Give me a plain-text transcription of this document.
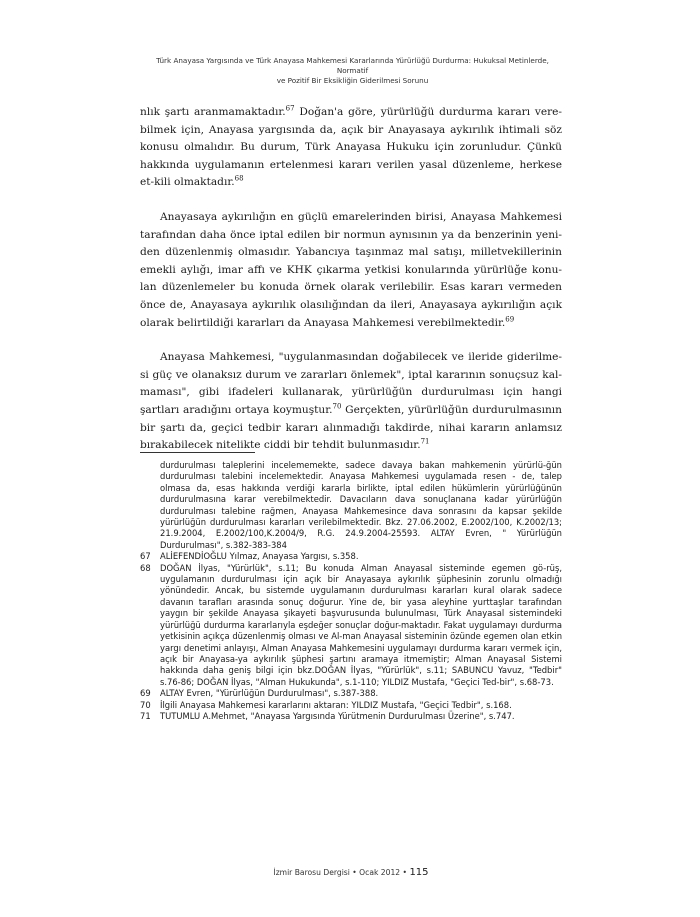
Türk Anayasa Yargısında ve Türk Anayasa Mahkemesi Kararlarında Yürürlüğü Durdurma: Hukuksal Metinlerde, Normatif
ve Pozitif Bir Eksikliğin Giderilmesi Sorunu

nlık şartı aranmamaktadır.$^{67}$ Doğan'a göre, yürürlüğü durdurma kararı vere-bilmek için, Anayasa yargısında da, açık bir Anayasaya aykırılık ihtimali söz konusu olmalıdır. Bu durum, Türk Anayasa Hukuku için zorunludur. Çünkü hakkında uygulamanın ertelenmesi kararı verilen yasal düzenleme, herkese et-kili olmaktadır.$^{68}$

Anayasaya aykırılığın en güçlü emarelerinden birisi, Anayasa Mahkemesi tarafından daha önce iptal edilen bir normun aynısının ya da benzerinin yeni-den düzenlenmiş olmasıdır. Yabancıya taşınmaz mal satışı, milletvekillerinin emekli aylığı, imar affı ve KHK çıkarma yetkisi konularında yürürlüğe konu-lan düzenlemeler bu konuda örnek olarak verilebilir. Esas kararı vermeden önce de, Anayasaya aykırılık olasılığından da ileri, Anayasaya aykırılığın açık olarak belirtildiği kararları da Anayasa Mahkemesi verebilmektedir.$^{69}$

Anayasa Mahkemesi, "uygulanmasından doğabilecek ve ileride giderilme-si güç ve olanaksız durum ve zararları önlemek", iptal kararının sonuçsuz kal-maması", gibi ifadeleri kullanarak, yürürlüğün durdurulması için hangi şartları aradığını ortaya koymuştur.$^{70}$ Gerçekten, yürürlüğün durdurulmasının bir şartı da, geçici tedbir kararı alınmadığı takdirde, nihai kararın anlamsız bırakabilecek nitelikte ciddi bir tehdit bulunmasıdır.$^{71}$

durdurulması taleplerini incelememekte, sadece davaya bakan mahkemenin yürürlü-ğün durdurulması talebini incelemektedir. Anayasa Mahkemesi uygulamada resen - de, talep olmasa da, esas hakkında verdiği kararla birlikte, iptal edilen hükümlerin yürürlüğünün durdurulmasına karar verebilmektedir. Davacıların dava sonuçlanana kadar yürürlüğün durdurulması talebine rağmen, Anayasa Mahkemesince dava sonrasını da kapsar şekilde yürürlüğün durdurulması kararları verilebilmektedir. Bkz. 27.06.2002, E.2002/100, K.2002/13; 21.9.2004, E.2002/100,K.2004/9, R.G. 24.9.2004-25593. ALTAY Evren, " Yürürlüğün Durdurulması", s.382-383-384
67	ALİEFENDİOĞLU Yılmaz, Anayasa Yargısı, s.358.
68	DOĞAN İlyas, "Yürürlük", s.11; Bu konuda Alman Anayasal sisteminde egemen gö-rüş, uygulamanın durdurulması için açık bir Anayasaya aykırılık şüphesinin zorunlu olmadığı yönündedir. Ancak, bu sistemde uygulamanın durdurulması kararları kural olarak sadece davanın tarafları arasında sonuç doğurur. Yine de, bir yasa aleyhine yurttaşlar tarafından yaygın bir şekilde Anayasa şikayeti başvurusunda bulunulması, Türk Anayasal sistemindeki yürürlüğü durdurma kararlarıyla eşdeğer sonuçlar doğur-maktadır. Fakat uygulamayı durdurma yetkisinin açıkça düzenlenmiş olması ve Al-man Anayasal sisteminin özünde egemen olan etkin yargı denetimi anlayışı, Alman Anayasa Mahkemesini uygulamayı durdurma kararı vermek için, açık bir Anayasa-ya aykırılık şüphesi şartını aramaya itmemiştir; Alman Anayasal Sistemi hakkında daha geniş bilgi için bkz.DOĞAN İlyas, "Yürürlük", s.11; SABUNCU Yavuz, "Tedbir" s.76-86; DOĞAN İlyas, "Alman Hukukunda", s.1-110; YILDIZ Mustafa, "Geçici Ted-bir", s.68-73.
69	ALTAY Evren, "Yürürlüğün Durdurulması", s.387-388.
70	İlgili Anayasa Mahkemesi kararlarını aktaran: YILDIZ Mustafa, "Geçici Tedbir", s.168.
71	TUTUMLU A.Mehmet, "Anayasa Yargısında Yürütmenin Durdurulması Üzerine", s.747.
İzmir Barosu Dergisi • Ocak 2012 • 115
